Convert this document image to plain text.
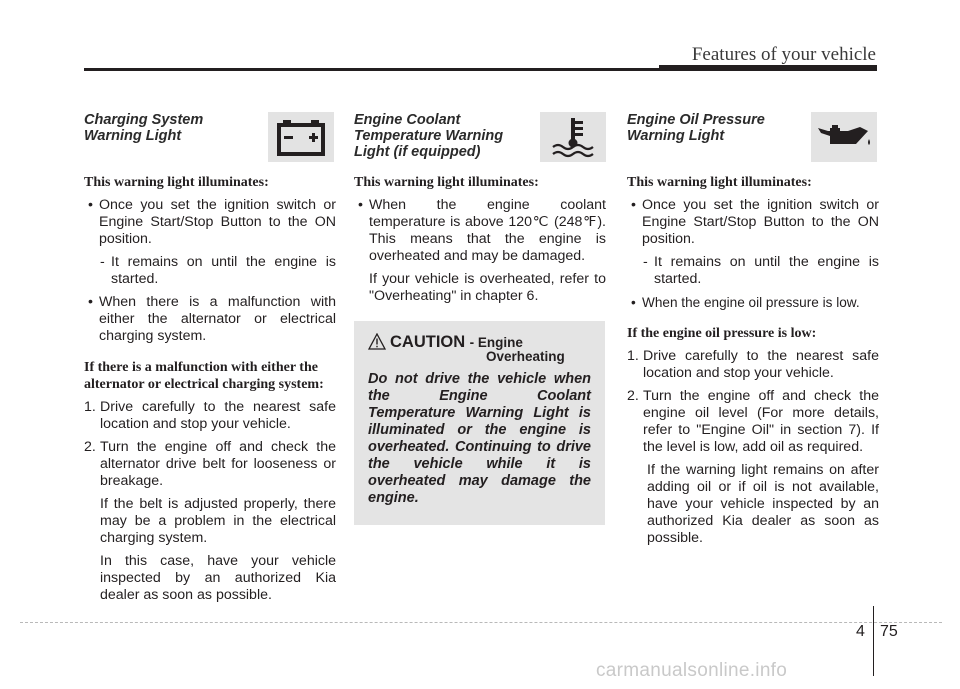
Features of your vehicle
Charging System
Warning Light
This warning light illuminates:
• Once you set the ignition switch or Engine Start/Stop Button to the ON position.
- It remains on until the engine is started.
• When there is a malfunction with either the alternator or electrical charging system.
If there is a malfunction with either the alternator or electrical charging system:
1. Drive carefully to the nearest safe location and stop your vehicle.
2. Turn the engine off and check the alternator drive belt for looseness or breakage.
If the belt is adjusted properly, there may be a problem in the electrical charging system.
In this case, have your vehicle inspected by an authorized Kia dealer as soon as possible.
Engine Coolant
Temperature Warning
Light (if equipped)
This warning light illuminates:
• When the engine coolant temperature is above 120℃ (248℉). This means that the engine is overheated and may be damaged.
If your vehicle is overheated, refer to "Overheating" in chapter 6.
CAUTION - Engine
Overheating
Do not drive the vehicle when the Engine Coolant Temperature Warning Light is illuminated or the engine is overheated. Continuing to drive the vehicle while it is overheated may damage the engine.
Engine Oil Pressure
Warning Light
This warning light illuminates:
• Once you set the ignition switch or Engine Start/Stop Button to the ON position.
- It remains on until the engine is started.
• When the engine oil pressure is low.
If the engine oil pressure is low:
1. Drive carefully to the nearest safe location and stop your vehicle.
2. Turn the engine off and check the engine oil level (For more details, refer to "Engine Oil" in section 7). If the level is low, add oil as required.
If the warning light remains on after adding oil or if oil is not available, have your vehicle inspected by an authorized Kia dealer as soon as possible.
4 75
carmanualsonline.info
